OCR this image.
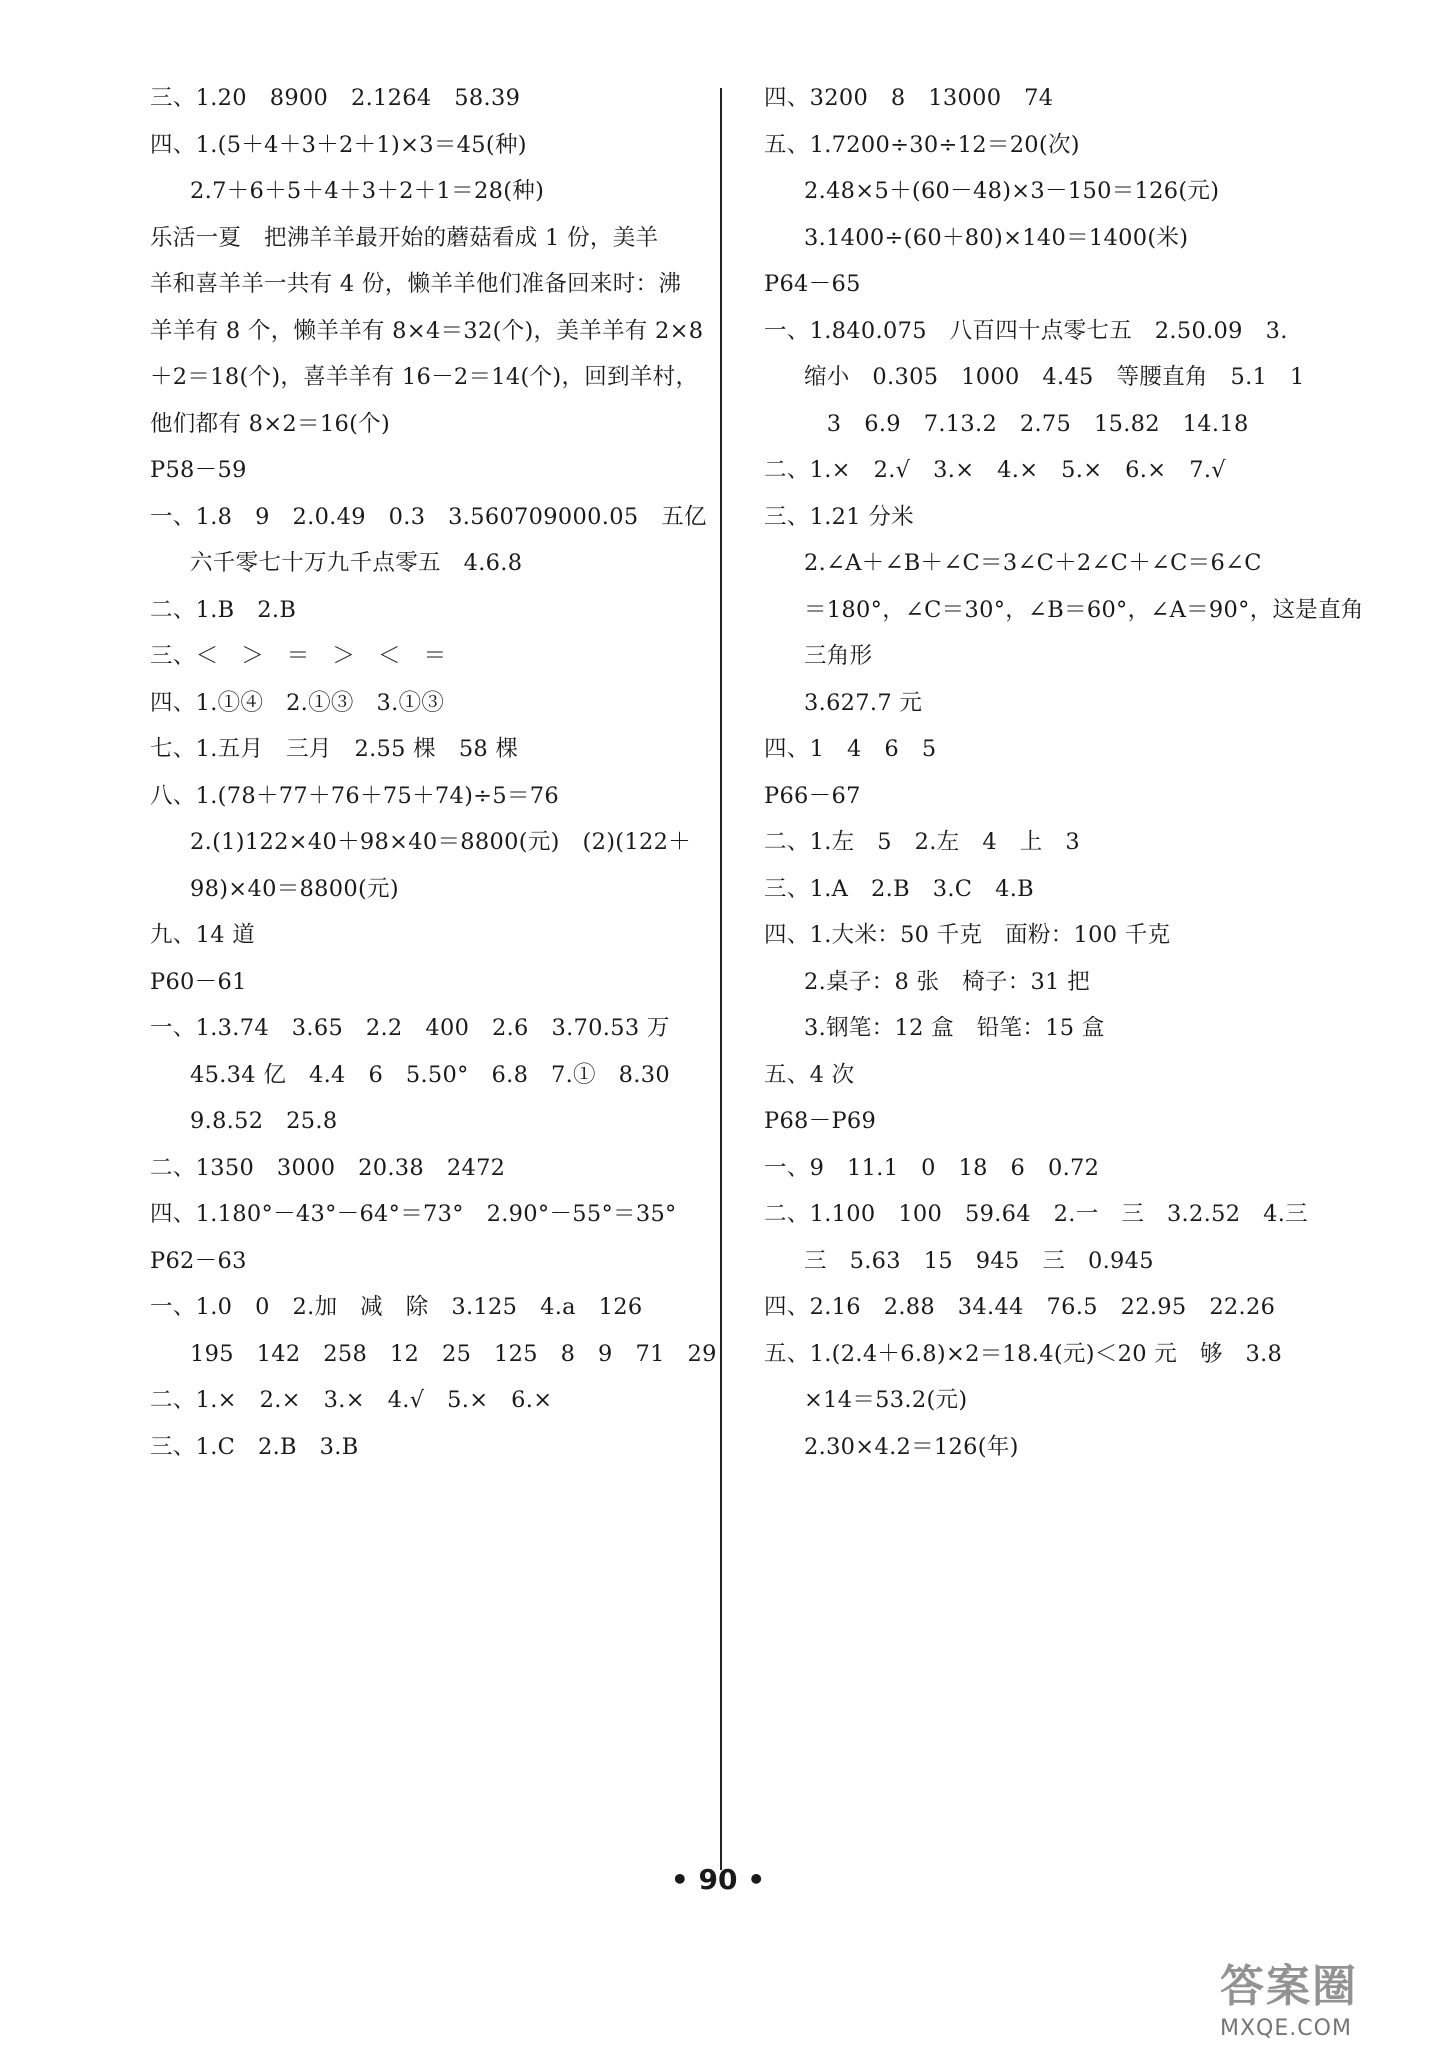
三、1.20　8900　2.1264　58.39
四、1.(5＋4＋3＋2＋1)×3＝45(种)
2.7＋6＋5＋4＋3＋2＋1＝28(种)
乐活一夏　把沸羊羊最开始的蘑菇看成 1 份，美羊
羊和喜羊羊一共有 4 份，懒羊羊他们准备回来时：沸
羊羊有 8 个，懒羊羊有 8×4＝32(个)，美羊羊有 2×8
＋2＝18(个)，喜羊羊有 16－2＝14(个)，回到羊村，
他们都有 8×2＝16(个)
P58－59
一、1.8　9　2.0.49　0.3　3.560709000.05　五亿
六千零七十万九千点零五　4.6.8
二、1.B　2.B
三、＜　＞　＝　＞　＜　＝
四、1.①④　2.①③　3.①③
七、1.五月　三月　2.55 棵　58 棵
八、1.(78＋77＋76＋75＋74)÷5＝76
2.(1)122×40＋98×40＝8800(元)　(2)(122＋
98)×40＝8800(元)
九、14 道
P60－61
一、1.3.74　3.65　2.2　400　2.6　3.70.53 万
45.34 亿　4.4　6　5.50°　6.8　7.①　8.30
9.8.52　25.8
二、1350　3000　20.38　2472
四、1.180°－43°－64°＝73°　2.90°－55°＝35°
P62－63
一、1.0　0　2.加　减　除　3.125　4.a　126
195　142　258　12　25　125　8　9　71　29
二、1.×　2.×　3.×　4.√　5.×　6.×
三、1.C　2.B　3.B
四、3200　8　13000　74
五、1.7200÷30÷12＝20(次)
2.48×5＋(60－48)×3－150＝126(元)
3.1400÷(60＋80)×140＝1400(米)
P64－65
一、1.840.075　八百四十点零七五　2.50.09　3.
缩小　0.305　1000　4.45　等腰直角　5.1　1
　3　6.9　7.13.2　2.75　15.82　14.18
二、1.×　2.√　3.×　4.×　5.×　6.×　7.√
三、1.21 分米
2.∠A＋∠B＋∠C＝3∠C＋2∠C＋∠C＝6∠C
＝180°，∠C＝30°，∠B＝60°，∠A＝90°，这是直角
三角形
3.627.7 元
四、1　4　6　5
P66－67
二、1.左　5　2.左　4　上　3
三、1.A　2.B　3.C　4.B
四、1.大米：50 千克　面粉：100 千克
2.桌子：8 张　椅子：31 把
3.钢笔：12 盒　铅笔：15 盒
五、4 次
P68－P69
一、9　11.1　0　18　6　0.72
二、1.100　100　59.64　2.一　三　3.2.52　4.三
三　5.63　15　945　三　0.945
四、2.16　2.88　34.44　76.5　22.95　22.26
五、1.(2.4＋6.8)×2＝18.4(元)＜20 元　够　3.8
×14＝53.2(元)
2.30×4.2＝126(年)
• 90 •
答案圈
MXQE.COM
